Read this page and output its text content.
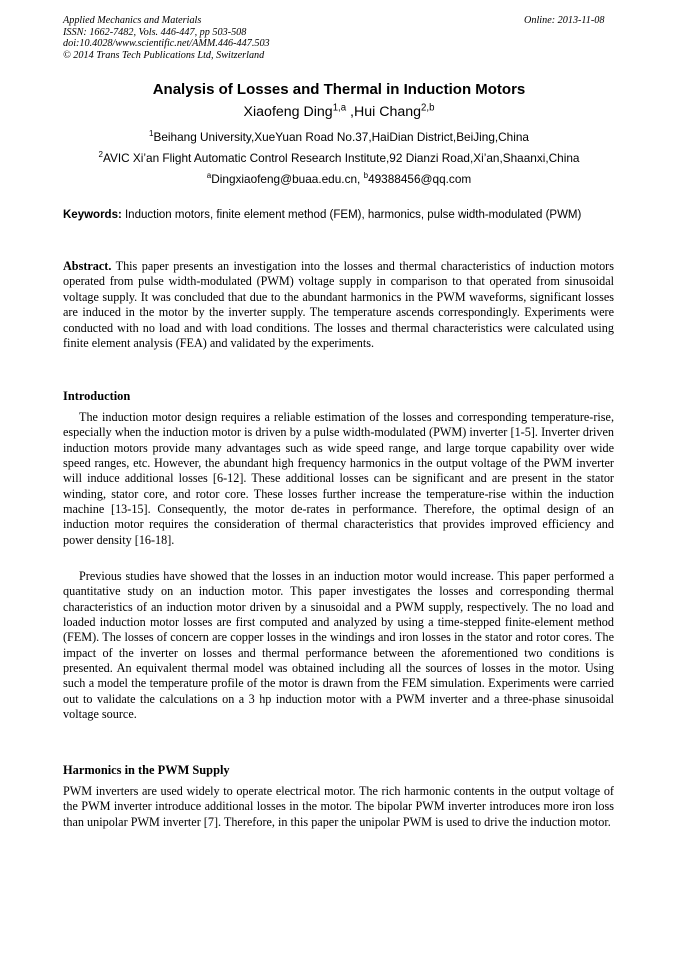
Applied Mechanics and Materials
ISSN: 1662-7482, Vols. 446-447, pp 503-508
doi:10.4028/www.scientific.net/AMM.446-447.503
© 2014 Trans Tech Publications Ltd, Switzerland
Online: 2013-11-08
Analysis of Losses and Thermal in Induction Motors
Xiaofeng Ding$^{1,a}$ ,Hui Chang$^{2,b}$
$^1$Beihang University,XueYuan Road No.37,HaiDian District,BeiJing,China
$^2$AVIC Xi’an Flight Automatic Control Research Institute,92 Dianzi Road,Xi’an,Shaanxi,China
$^a$Dingxiaofeng@buaa.edu.cn, $^b$49388456@qq.com
Keywords: Induction motors, finite element method (FEM), harmonics, pulse width-modulated (PWM)
Abstract. This paper presents an investigation into the losses and thermal characteristics of induction motors operated from pulse width-modulated (PWM) voltage supply in comparison to that operated from sinusoidal voltage supply. It was concluded that due to the abundant harmonics in the PWM waveforms, significant losses are induced in the motor by the inverter supply. The temperature ascends correspondingly. Experiments were conducted with no load and with load conditions. The losses and thermal characteristics were calculated using finite element analysis (FEA) and validated by the experiments.
Introduction
The induction motor design requires a reliable estimation of the losses and corresponding temperature-rise, especially when the induction motor is driven by a pulse width-modulated (PWM) inverter [1-5]. Inverter driven induction motors provide many advantages such as wide speed range, and large torque capability over wide speed ranges, etc. However, the abundant high frequency harmonics in the output voltage of the PWM inverter will induce additional losses [6-12]. These additional losses can be significant and are present in the stator winding, stator core, and rotor core. These losses further increase the temperature-rise within the induction machine [13-15]. Consequently, the motor de-rates in performance. Therefore, the optimal design of an induction motor requires the consideration of thermal characteristics that provides improved efficiency and power density [16-18].
Previous studies have showed that the losses in an induction motor would increase. This paper performed a quantitative study on an induction motor. This paper investigates the losses and corresponding thermal characteristics of an induction motor driven by a sinusoidal and a PWM supply, respectively. The no load and loaded induction motor losses are first computed and analyzed by using a time-stepped finite-element method (FEM). The losses of concern are copper losses in the windings and iron losses in the stator and rotor cores. The impact of the inverter on losses and thermal performance between the aforementioned two conditions is presented. An equivalent thermal model was obtained including all the sources of losses in the motor. Using such a model the temperature profile of the motor is drawn from the FEM simulation. Experiments were carried out to validate the calculations on a 3 hp induction motor with a PWM inverter and a three-phase sinusoidal voltage source.
Harmonics in the PWM Supply
PWM inverters are used widely to operate electrical motor. The rich harmonic contents in the output voltage of the PWM inverter introduce additional losses in the motor. The bipolar PWM inverter introduces more iron loss than unipolar PWM inverter [7]. Therefore, in this paper the unipolar PWM is used to drive the induction motor.
